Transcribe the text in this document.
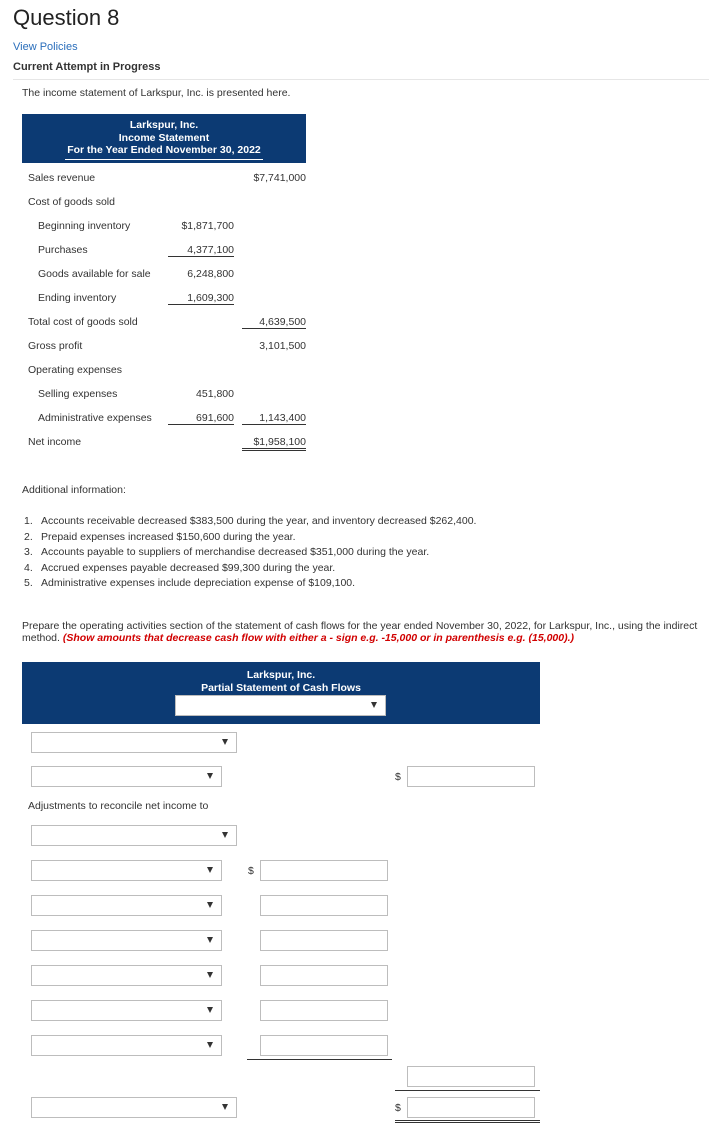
Question 8
View Policies
Current Attempt in Progress
The income statement of Larkspur, Inc. is presented here.
Larkspur, Inc.
Income Statement
For the Year Ended November 30, 2022
Sales revenue	$7,741,000
Cost of goods sold
Beginning inventory	$1,871,700
Purchases	4,377,100
Goods available for sale	6,248,800
Ending inventory	1,609,300
Total cost of goods sold	4,639,500
Gross profit	3,101,500
Operating expenses
Selling expenses	451,800
Administrative expenses	691,600	1,143,400
Net income	$1,958,100
Additional information:
1. Accounts receivable decreased $383,500 during the year, and inventory decreased $262,400.
2. Prepaid expenses increased $150,600 during the year.
3. Accounts payable to suppliers of merchandise decreased $351,000 during the year.
4. Accrued expenses payable decreased $99,300 during the year.
5. Administrative expenses include depreciation expense of $109,100.
Prepare the operating activities section of the statement of cash flows for the year ended November 30, 2022, for Larkspur, Inc., using the indirect method. (Show amounts that decrease cash flow with either a - sign e.g. -15,000 or in parenthesis e.g. (15,000).)
Larkspur, Inc.
Partial Statement of Cash Flows
$
Adjustments to reconcile net income to
$
$
